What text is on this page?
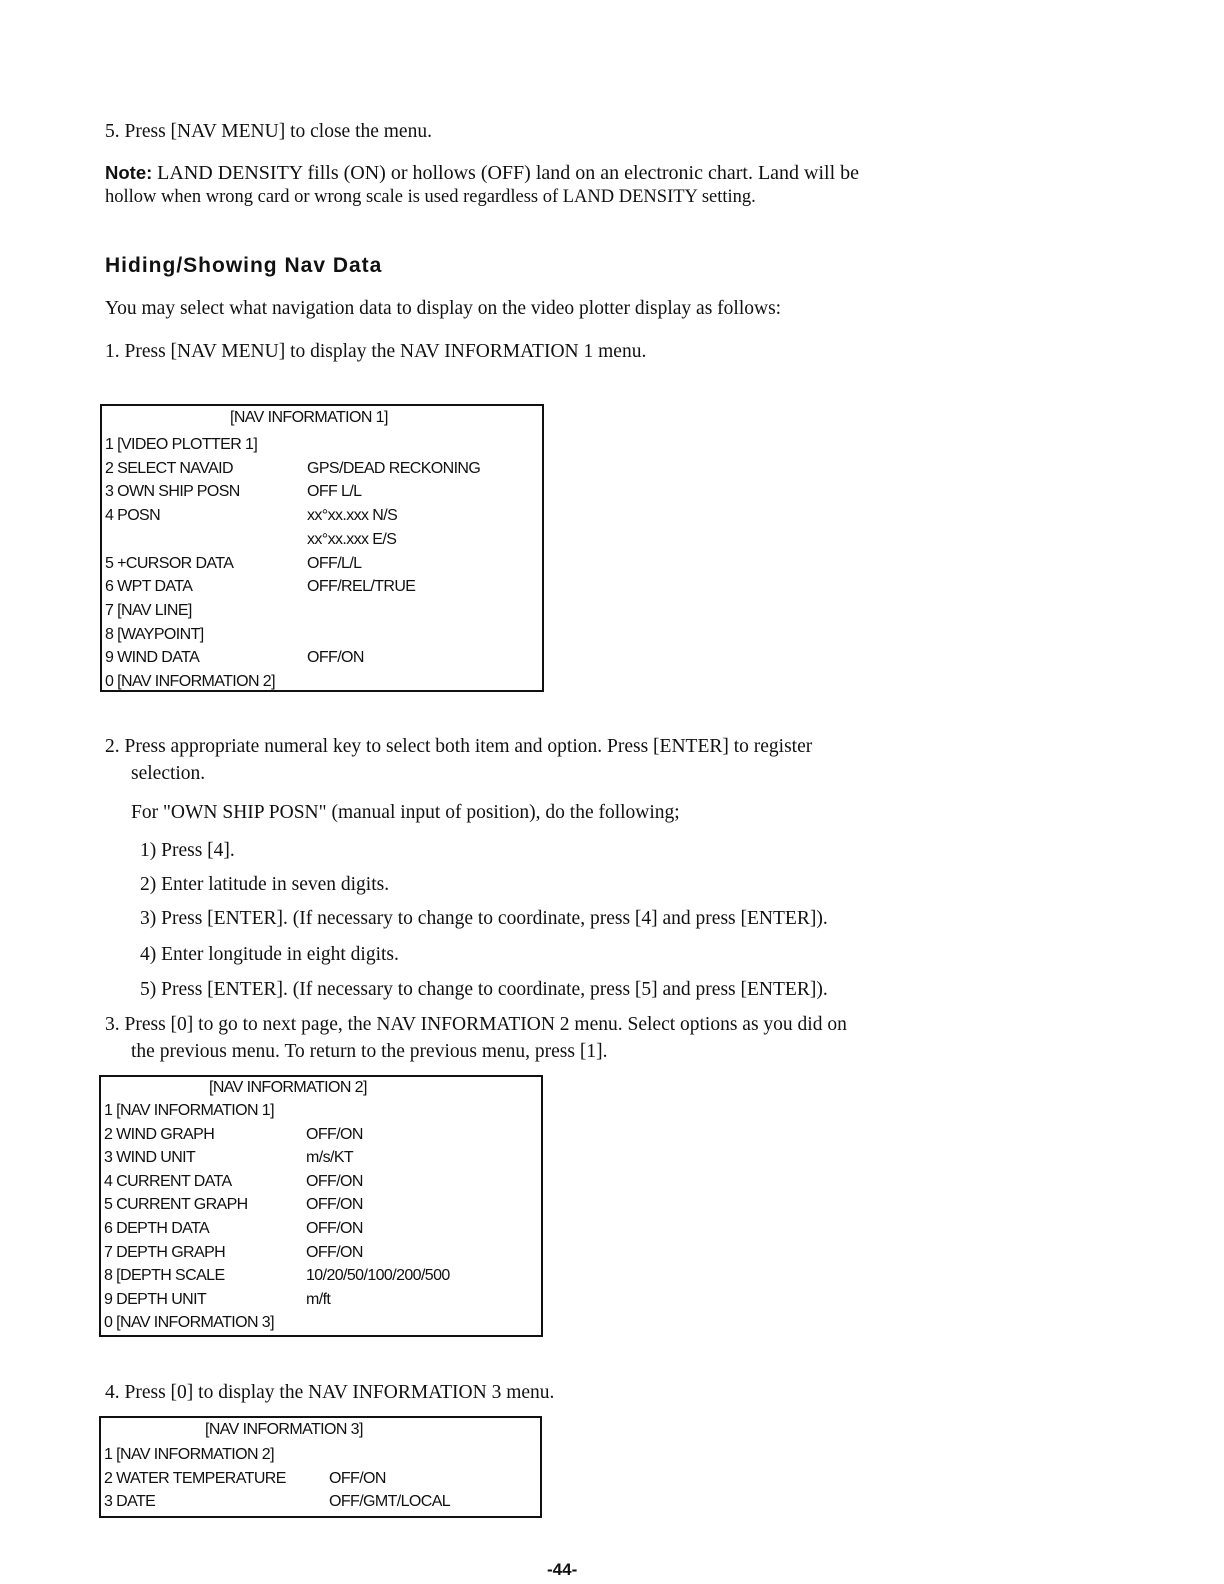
5. Press [NAV MENU] to close the menu.
Note: LAND DENSITY fills (ON) or hollows (OFF) land on an electronic chart. Land will be
hollow when wrong card or wrong scale is used regardless of LAND DENSITY setting.
Hiding/Showing Nav Data
You may select what navigation data to display on the video plotter display as follows:
1. Press [NAV MENU] to display the NAV INFORMATION 1 menu.
[NAV INFORMATION 1]
1 [VIDEO PLOTTER 1]
2 SELECT NAVAID	GPS/DEAD RECKONING
3 OWN SHIP POSN	OFF L/L
4 POSN	xx°xx.xxx N/S
xx°xx.xxx E/S
5 +CURSOR DATA	OFF/L/L
6 WPT DATA	OFF/REL/TRUE
7 [NAV LINE]
8 [WAYPOINT]
9 WIND DATA	OFF/ON
0 [NAV INFORMATION 2]
2. Press appropriate numeral key to select both item and option. Press [ENTER] to register
selection.
For "OWN SHIP POSN" (manual input of position), do the following;
1) Press [4].
2) Enter latitude in seven digits.
3) Press [ENTER]. (If necessary to change to coordinate, press [4] and press [ENTER]).
4) Enter longitude in eight digits.
5) Press [ENTER]. (If necessary to change to coordinate, press [5] and press [ENTER]).
3. Press [0] to go to next page, the NAV INFORMATION 2 menu. Select options as you did on
the previous menu. To return to the previous menu, press [1].
[NAV INFORMATION 2]
1 [NAV INFORMATION 1]
2 WIND GRAPH	OFF/ON
3 WIND UNIT	m/s/KT
4 CURRENT DATA	OFF/ON
5 CURRENT GRAPH	OFF/ON
6 DEPTH DATA	OFF/ON
7 DEPTH GRAPH	OFF/ON
8 [DEPTH SCALE	10/20/50/100/200/500
9 DEPTH UNIT	m/ft
0 [NAV INFORMATION 3]
4. Press [0] to display the NAV INFORMATION 3 menu.
[NAV INFORMATION 3]
1 [NAV INFORMATION 2]
2 WATER TEMPERATURE	OFF/ON
3 DATE	OFF/GMT/LOCAL
-44-
